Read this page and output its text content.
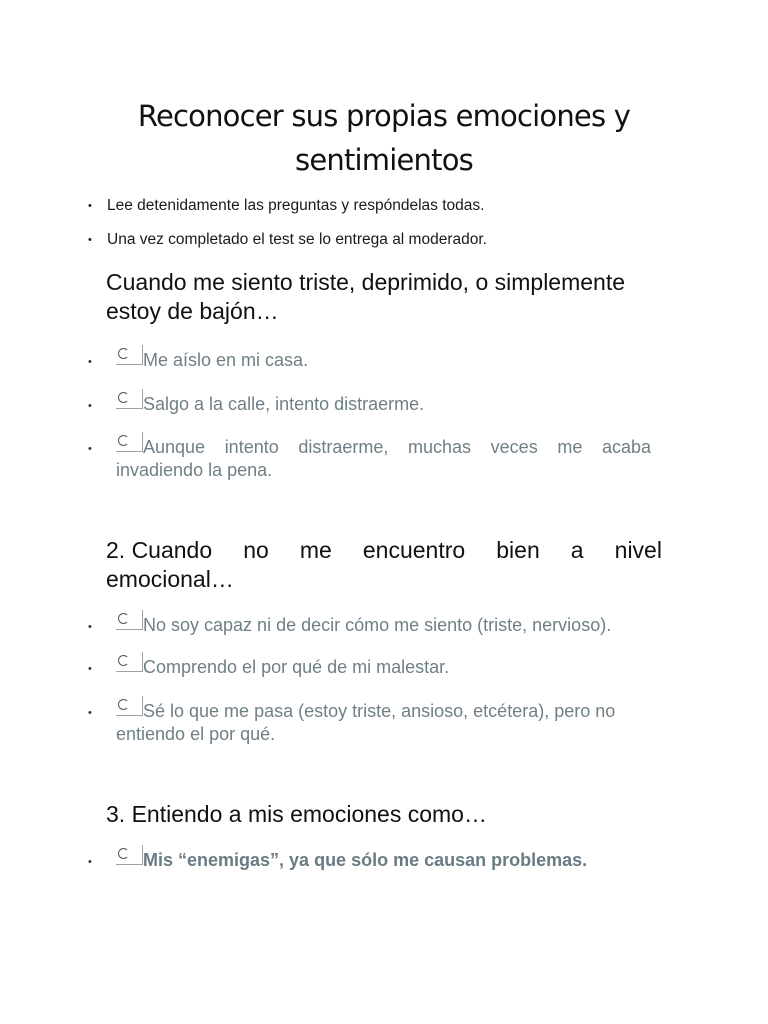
Reconocer sus propias emociones y
sentimientos
• Lee detenidamente las preguntas y respóndelas todas.
• Una vez completado el test se lo entrega al moderador.
Cuando me siento triste, deprimido, o simplemente estoy de bajón…
•	Me aíslo en mi casa.
•	Salgo a la calle, intento distraerme.
•	Aunque intento distraerme, muchas veces me acaba invadiendo la pena.
2. Cuando no me encuentro bien a nivel
emocional…
•	No soy capaz ni de decir cómo me siento (triste, nervioso).
•	Comprendo el por qué de mi malestar.
•	Sé lo que me pasa (estoy triste, ansioso, etcétera), pero no entiendo el por qué.
3. Entiendo a mis emociones como…
•	Mis “enemigas”, ya que sólo me causan problemas.
